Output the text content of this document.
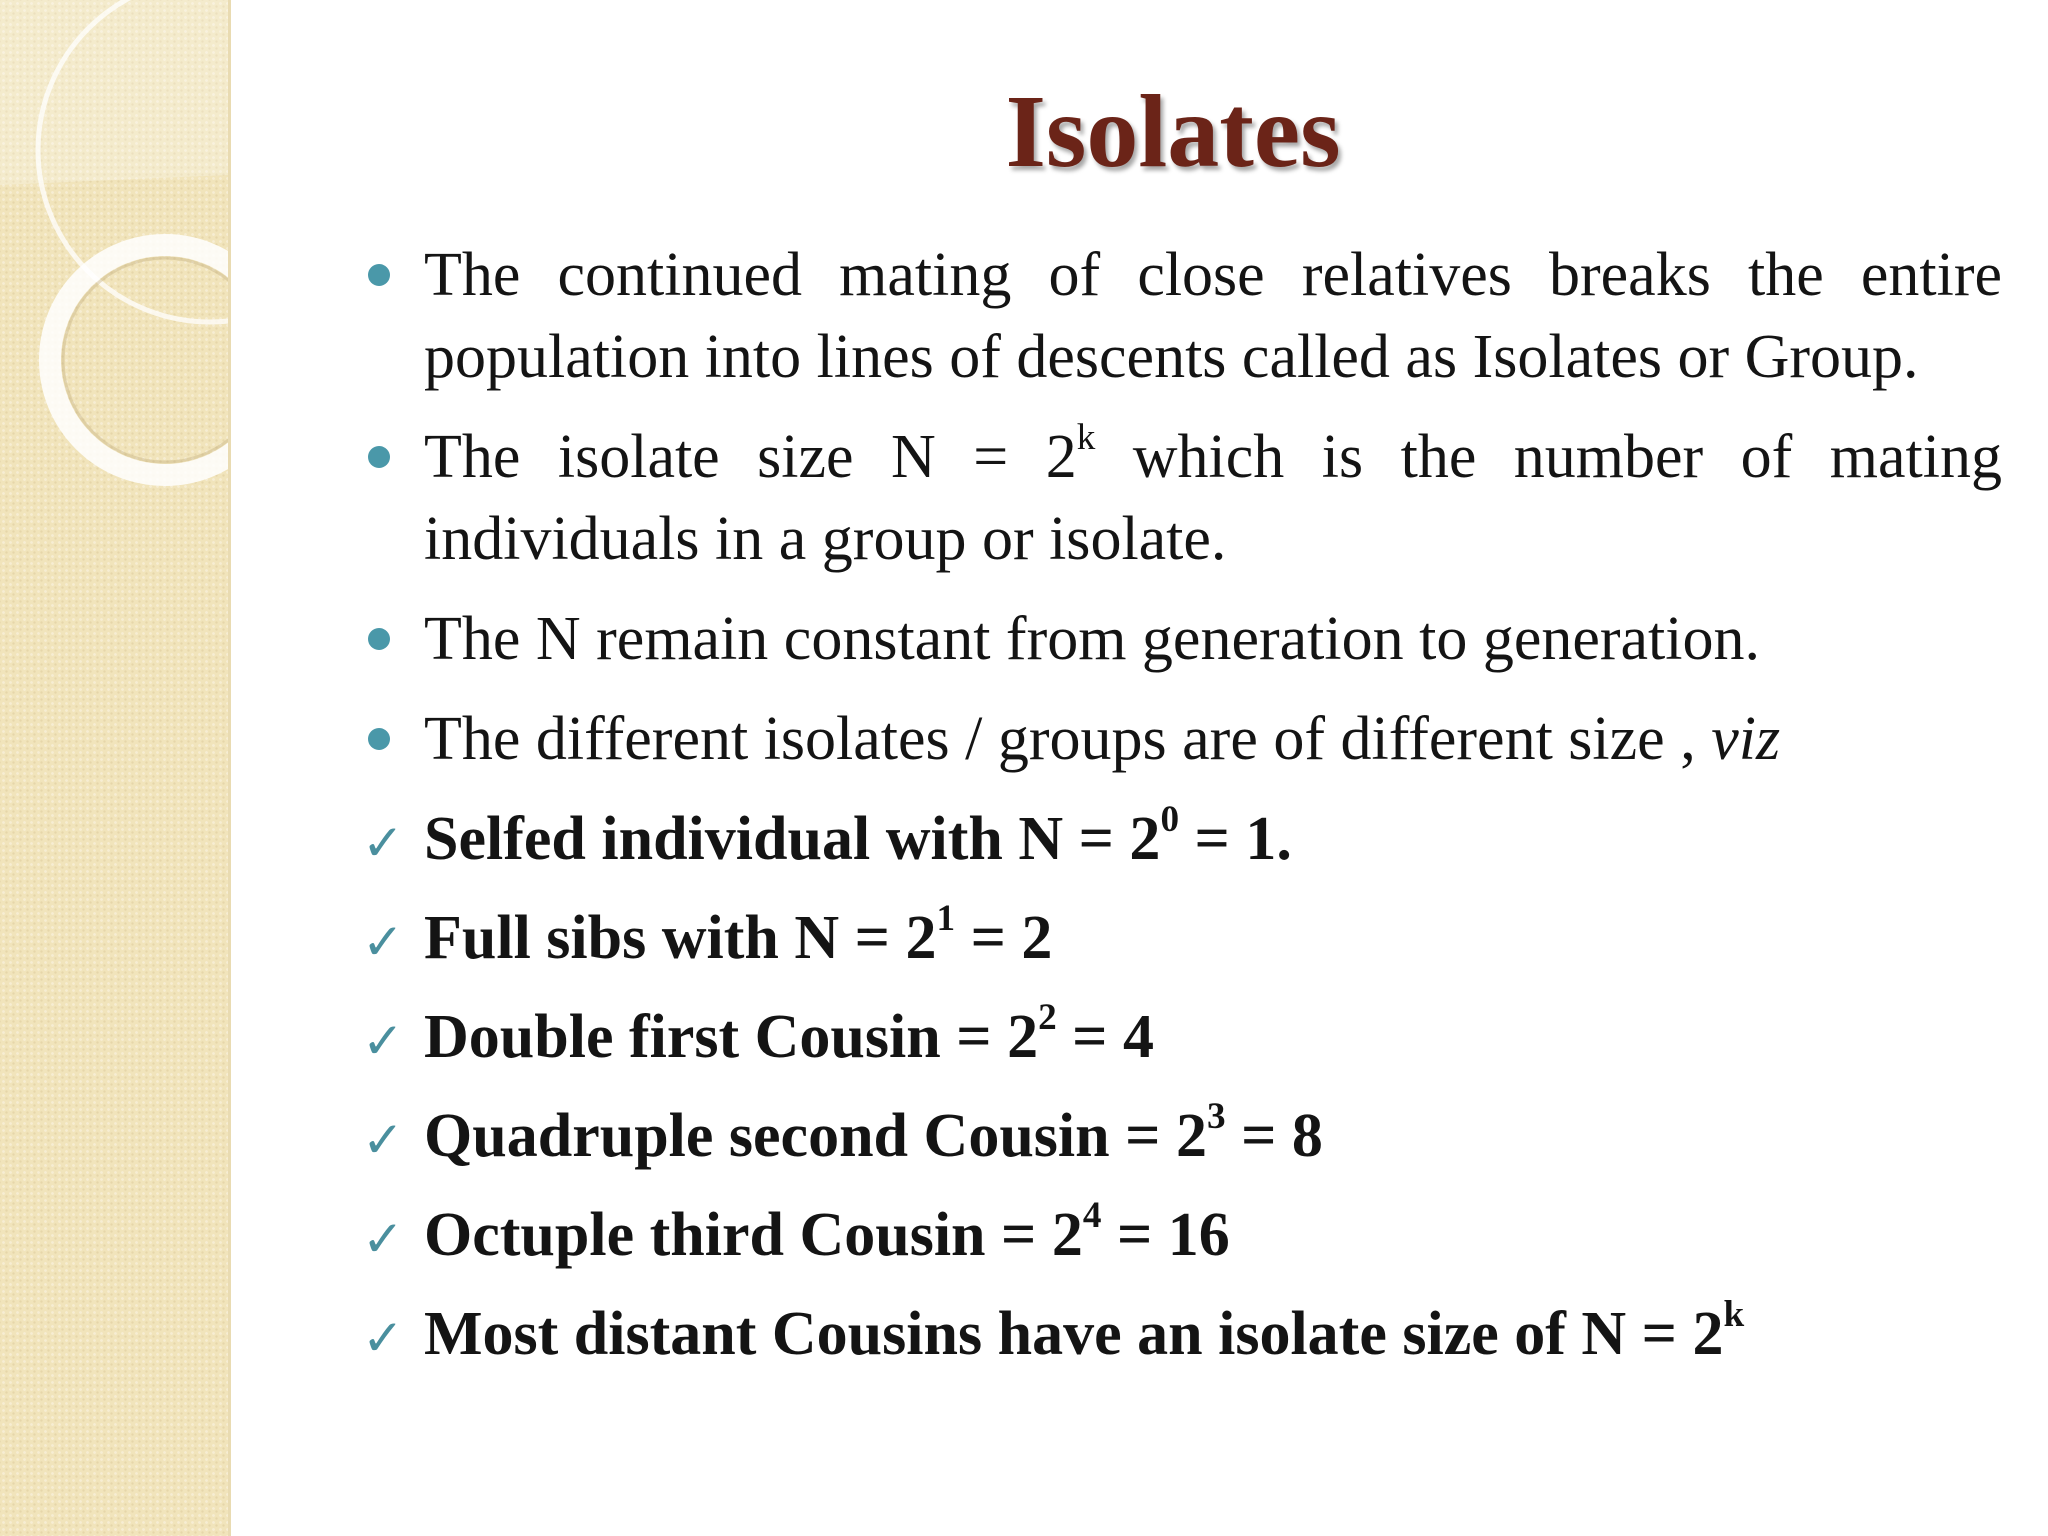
Isolates
The continued mating of close relatives breaks the entire population into lines of descents called as Isolates or Group.
The isolate size $N = 2^k$ which is the number of mating individuals in a group or isolate.
The N remain constant from generation to generation.
The different isolates / groups are of different size , viz
✓ Selfed individual with $N = 2^0 = 1$.
✓ Full sibs with $N = 2^1 = 2$
✓ Double first $Cousin = 2^2 = 4$
✓ Quadruple second $Cousin = 2^3 = 8$
✓ Octuple third $Cousin = 2^4 = 16$
✓ Most distant Cousins have an isolate size of $N = 2^k$
